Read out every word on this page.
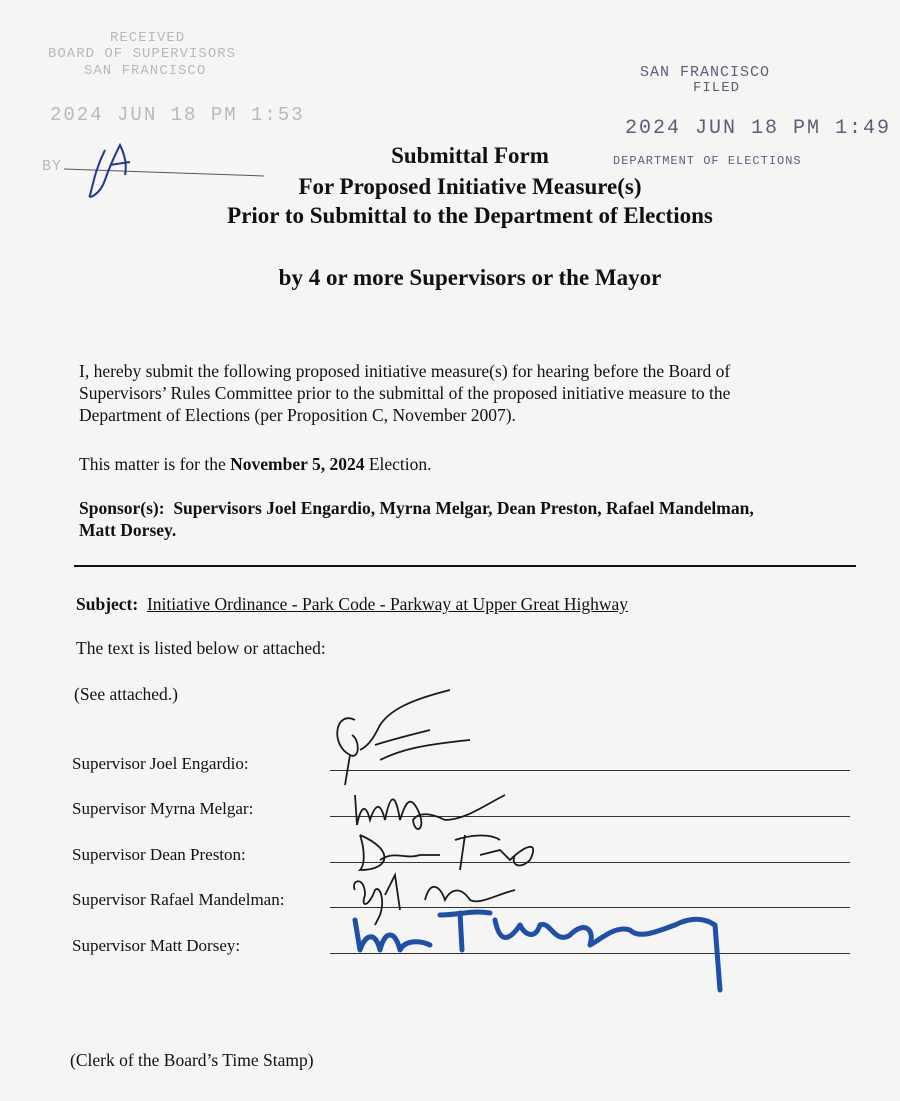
RECEIVED
BOARD OF SUPERVISORS
SAN FRANCISCO
2024 JUN 18 PM 1:53
BY
SAN FRANCISCO
FILED
2024 JUN 18 PM 1:49
DEPARTMENT OF ELECTIONS
Submittal Form
For Proposed Initiative Measure(s)
Prior to Submittal to the Department of Elections
by 4 or more Supervisors or the Mayor
I, hereby submit the following proposed initiative measure(s) for hearing before the Board of
Supervisors’ Rules Committee prior to the submittal of the proposed initiative measure to the
Department of Elections (per Proposition C, November 2007).
This matter is for the November 5, 2024 Election.
Sponsor(s): Supervisors Joel Engardio, Myrna Melgar, Dean Preston, Rafael Mandelman,
Matt Dorsey.
Subject: Initiative Ordinance - Park Code - Parkway at Upper Great Highway
The text is listed below or attached:
(See attached.)
Supervisor Joel Engardio:
Supervisor Myrna Melgar:
Supervisor Dean Preston:
Supervisor Rafael Mandelman:
Supervisor Matt Dorsey:
(Clerk of the Board’s Time Stamp)
